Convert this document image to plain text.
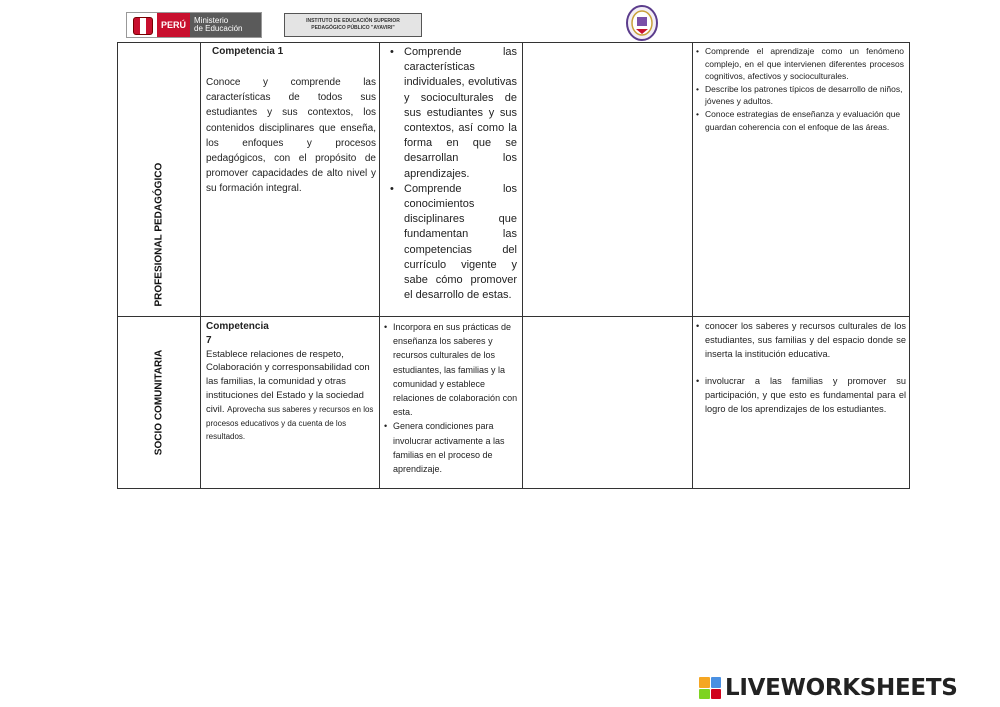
PERÚ	Ministerio
de Educación
INSTITUTO DE EDUCACIÓN SUPERIOR
PEDAGÓGICO PÚBLICO "AYAVIRI"
PROFESIONAL PEDAGÓGICO
Competencia 1
Conoce y comprende las características de todos sus estudiantes y sus contextos, los contenidos disciplinares que enseña, los enfoques y procesos pedagógicos, con el propósito de promover capacidades de alto nivel y su formación integral.
• Comprende las características individuales, evolutivas y socioculturales de sus estudiantes y sus contextos, así como la forma en que se desarrollan los aprendizajes.
• Comprende los conocimientos disciplinares que fundamentan las competencias del currículo vigente y sabe cómo promover el desarrollo de estas.
• Comprende el aprendizaje como un fenómeno complejo, en el que intervienen diferentes procesos cognitivos, afectivos y socioculturales.
• Describe los patrones típicos de desarrollo de niños, jóvenes y adultos.
• Conoce estrategias de enseñanza y evaluación que guardan coherencia con el enfoque de las áreas.
SOCIO COMUNITARIA
Competencia
7
Establece relaciones de respeto, Colaboración y corresponsabilidad con las familias, la comunidad y otras instituciones del Estado y la sociedad civil. Aprovecha sus saberes y recursos en los procesos educativos y da cuenta de los resultados.
• Incorpora en sus prácticas de enseñanza los saberes y recursos culturales de los estudiantes, las familias y la comunidad y establece relaciones de colaboración con esta.
• Genera condiciones para involucrar activamente a las familias en el proceso de aprendizaje.
• conocer los saberes y recursos culturales de los estudiantes, sus familias y del espacio donde se inserta la institución educativa.
• involucrar a las familias y promover su participación, y que esto es fundamental para el logro de los aprendizajes de los estudiantes.
LIVEWORKSHEETS
